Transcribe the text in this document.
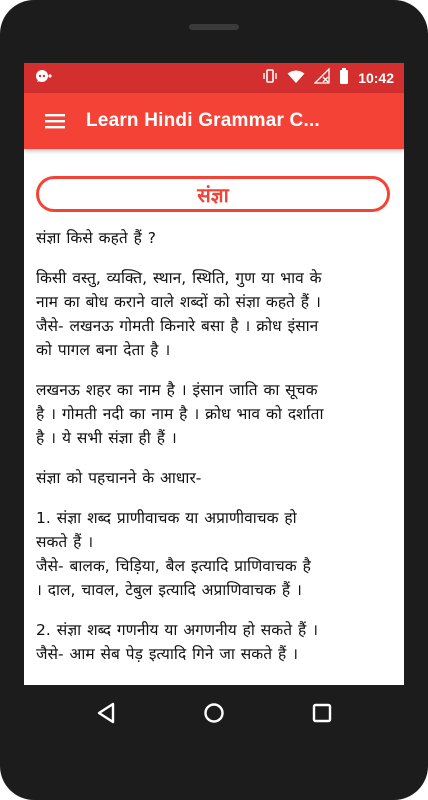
10:42
Learn Hindi Grammar C...
संज्ञा
संज्ञा किसे कहते हैं ?
किसी वस्तु, व्यक्ति, स्थान, स्थिति, गुण या भाव के
नाम का बोध कराने वाले शब्दों को संज्ञा कहते हैं ।
जैसे- लखनऊ गोमती किनारे बसा है । क्रोध इंसान
को पागल बना देता है ।
लखनऊ शहर का नाम है । इंसान जाति का सूचक
है । गोमती नदी का नाम है । क्रोध भाव को दर्शाता
है । ये सभी संज्ञा ही हैं ।
संज्ञा को पहचानने के आधार-
1. संज्ञा शब्द प्राणीवाचक या अप्राणीवाचक हो
सकते हैं ।
जैसे- बालक, चिड़िया, बैल इत्यादि प्राणिवाचक है
। दाल, चावल, टेबुल इत्यादि अप्राणिवाचक हैं ।
2. संज्ञा शब्द गणनीय या अगणनीय हो सकते हैं ।
जैसे- आम सेब पेड़ इत्यादि गिने जा सकते हैं ।
